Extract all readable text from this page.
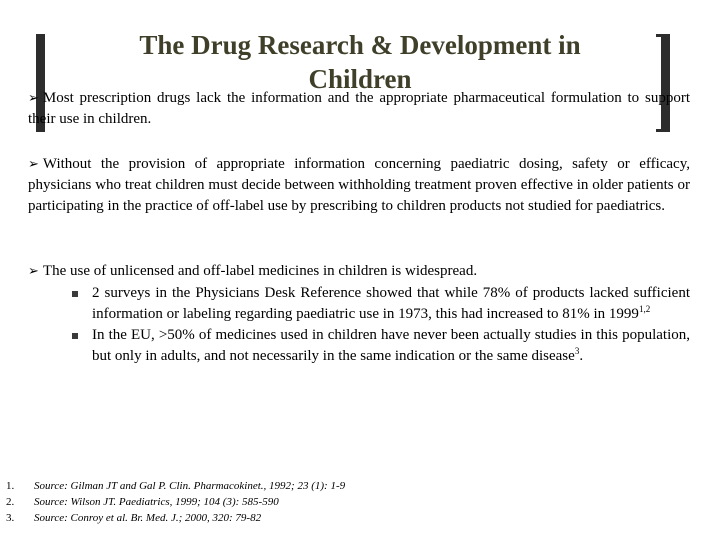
The Drug Research & Development in Children

➢ Most prescription drugs lack the information and the appropriate pharmaceutical formulation to support their use in children.

➢ Without the provision of appropriate information concerning paediatric dosing, safety or efficacy, physicians who treat children must decide between withholding treatment proven effective in older patients or participating in the practice of off-label use by prescribing to children products not studied for paediatrics.

➢ The use of unlicensed and off-label medicines in children is widespread.

2 surveys in the Physicians Desk Reference showed that while 78% of products lacked sufficient information or labeling regarding paediatric use in 1973, this had increased to 81% in 1999$^{1,2}$
In the EU, >50% of medicines used in children have never been actually studies in this population, but only in adults, and not necessarily in the same indication or the same disease$^3$.
1.	Source: Gilman JT and Gal P. Clin. Pharmacokinet., 1992; 23 (1): 1-9
2.	Source: Wilson JT. Paediatrics, 1999; 104 (3): 585-590
3.	Source: Conroy et al. Br. Med. J.; 2000, 320: 79-82
